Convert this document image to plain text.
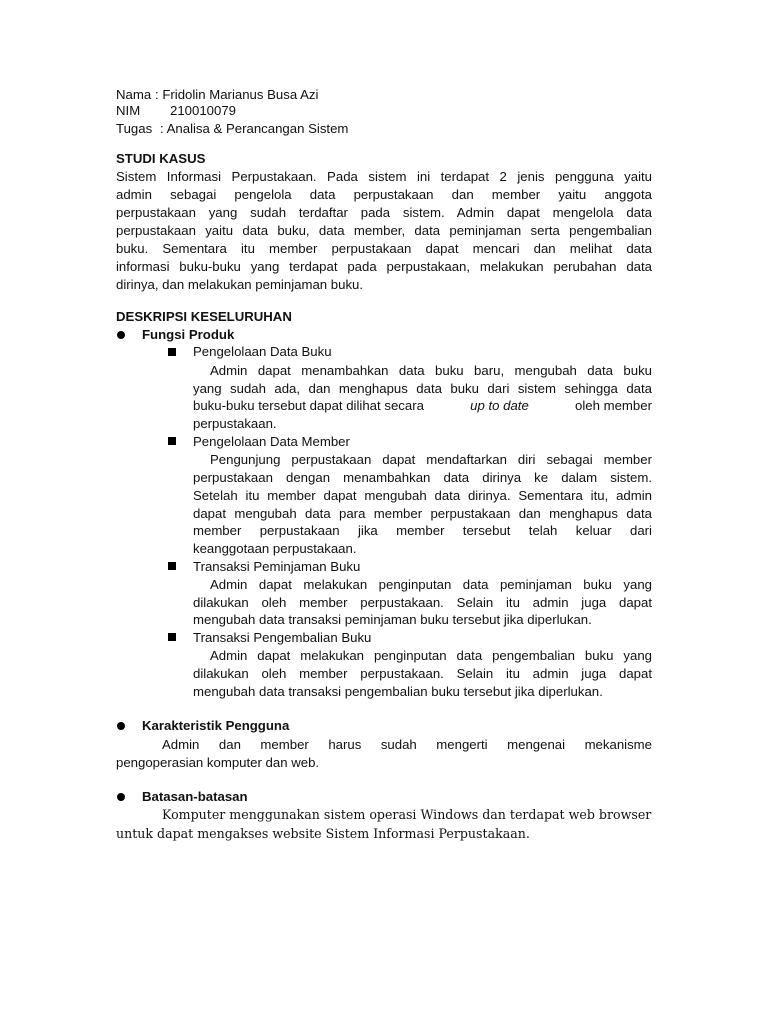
Nama : Fridolin Marianus Busa Azi
NIM 210010079
Tugas : Analisa & Perancangan Sistem
STUDI KASUS
Sistem Informasi Perpustakaan. Pada sistem ini terdapat 2 jenis pengguna yaitu
admin sebagai pengelola data perpustakaan dan member yaitu anggota
perpustakaan yang sudah terdaftar pada sistem. Admin dapat mengelola data
perpustakaan yaitu data buku, data member, data peminjaman serta pengembalian
buku. Sementara itu member perpustakaan dapat mencari dan melihat data
informasi buku-buku yang terdapat pada perpustakaan, melakukan perubahan data
dirinya, dan melakukan peminjaman buku.
DESKRIPSI KESELURUHAN
Fungsi Produk
Pengelolaan Data Buku
Admin dapat menambahkan data buku baru, mengubah data buku
yang sudah ada, dan menghapus data buku dari sistem sehingga data
buku-buku tersebut dapat dilihat secara	up to date	oleh member
perpustakaan.
Pengelolaan Data Member
Pengunjung perpustakaan dapat mendaftarkan diri sebagai member
perpustakaan dengan menambahkan data dirinya ke dalam sistem.
Setelah itu member dapat mengubah data dirinya. Sementara itu, admin
dapat mengubah data para member perpustakaan dan menghapus data
member perpustakaan jika member tersebut telah keluar dari
keanggotaan perpustakaan.
Transaksi Peminjaman Buku
Admin dapat melakukan penginputan data peminjaman buku yang
dilakukan oleh member perpustakaan. Selain itu admin juga dapat
mengubah data transaksi peminjaman buku tersebut jika diperlukan.
Transaksi Pengembalian Buku
Admin dapat melakukan penginputan data pengembalian buku yang
dilakukan oleh member perpustakaan. Selain itu admin juga dapat
mengubah data transaksi pengembalian buku tersebut jika diperlukan.
Karakteristik Pengguna
Admin dan member harus sudah mengerti mengenai mekanisme
pengoperasian komputer dan web.
Batasan-batasan
Komputer menggunakan sistem operasi Windows dan terdapat web browser
untuk dapat mengakses website Sistem Informasi Perpustakaan.
